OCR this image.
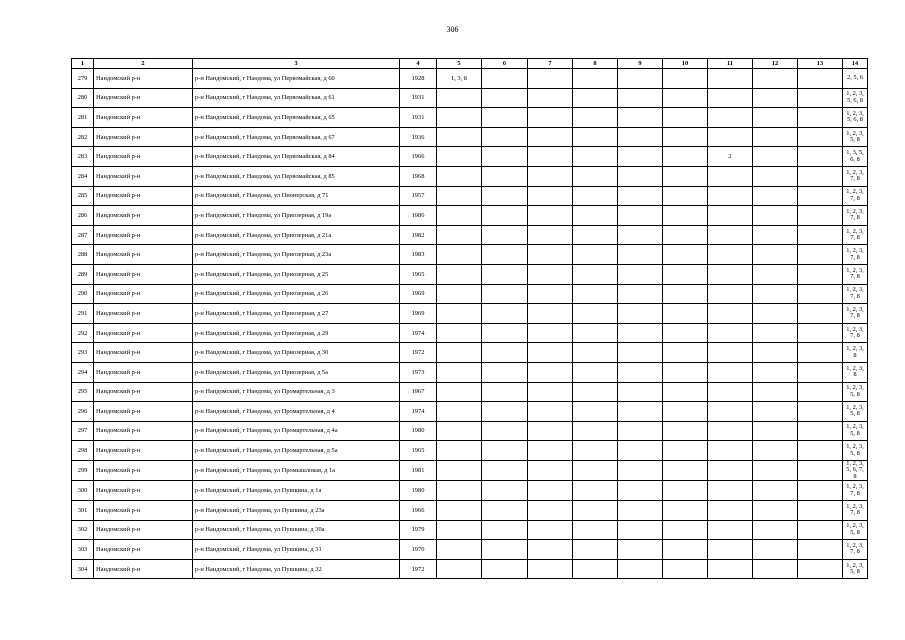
306
1	2	3	4	5	6	7	8	9	10	11	12	13	14
279	Нандомский р-н	р-н Нандомский, г Нандома, ул Первомайская, д 60	1928	1, 3, 8									2, 5, 6
280	Нандомский р-н	р-н Нандомский, г Нандома, ул Первомайская, д 61	1931										1, 2, 3, 5, 6, 8
281	Нандомский р-н	р-н Нандомский, г Нандома, ул Первомайская, д 65	1931										1, 2, 3, 5, 6, 8
282	Нандомский р-н	р-н Нандомский, г Нандома, ул Первомайская, д 67	1936										1, 2, 3, 5, 8
283	Нандомский р-н	р-н Нандомский, г Нандома, ул Первомайская, д 84	1966							2			1, 3, 5, 6, 8
284	Нандомский р-н	р-н Нандомский, г Нандома, ул Первомайская, д 85	1968										1, 2, 3, 7, 8
285	Нандомский р-н	р-н Нандомский, г Нандома, ул Пионерская, д 71	1957										1, 2, 3, 7, 8
286	Нандомский р-н	р-н Нандомский, г Нандома, ул Приозерная, д 19а	1986										1, 2, 3, 7, 8
287	Нандомский р-н	р-н Нандомский, г Нандома, ул Приозерная, д 21а	1982										1, 2, 3, 7, 8
288	Нандомский р-н	р-н Нандомский, г Нандома, ул Приозерная, д 23а	1983										1, 2, 3, 7, 8
289	Нандомский р-н	р-н Нандомский, г Нандома, ул Приозерная, д 25	1965										1, 2, 3, 7, 8
290	Нандомский р-н	р-н Нандомский, г Нандома, ул Приозерная, д 26	1969										1, 2, 3, 7, 8
291	Нандомский р-н	р-н Нандомский, г Нандома, ул Приозерная, д 27	1969										1, 2, 3, 7, 8
292	Нандомский р-н	р-н Нандомский, г Нандома, ул Приозерная, д 29	1974										1, 2, 3, 7, 8
293	Нандомский р-н	р-н Нандомский, г Нандома, ул Приозерная, д 30	1972										1, 2, 3, 8
294	Нандомский р-н	р-н Нандомский, г Нандома, ул Приозерная, д 5а	1973										1, 2, 3, 8
295	Нандомский р-н	р-н Нандомский, г Нандома, ул Промартельная, д 3	1967										1, 2, 3, 5, 8
296	Нандомский р-н	р-н Нандомский, г Нандома, ул Промартельная, д 4	1974										1, 2, 3, 5, 8
297	Нандомский р-н	р-н Нандомский, г Нандома, ул Промартельная, д 4а	1980										1, 2, 3, 5, 8
298	Нандомский р-н	р-н Нандомский, г Нандома, ул Промартельная, д 5а	1965										1, 2, 3, 5, 8
299	Нандомский р-н	р-н Нандомский, г Нандома, ул Промышловая, д 1а	1981										1, 2, 3, 5, 6, 7, 8
300	Нандомский р-н	р-н Нандомский, г Нандома, ул Пушкина, д 1а	1980										1, 2, 3, 7, 8
301	Нандомский р-н	р-н Нандомский, г Нандома, ул Пушкина, д 23а	1966										1, 2, 3, 7, 8
302	Нандомский р-н	р-н Нандомский, г Нандома, ул Пушкина, д 30а	1979										1, 2, 3, 5, 8
303	Нандомский р-н	р-н Нандомский, г Нандома, ул Пушкина, д 31	1970										1, 2, 3, 7, 8
304	Нандомский р-н	р-н Нандомский, г Нандома, ул Пушкина, д 32	1972										1, 2, 3, 5, 8
